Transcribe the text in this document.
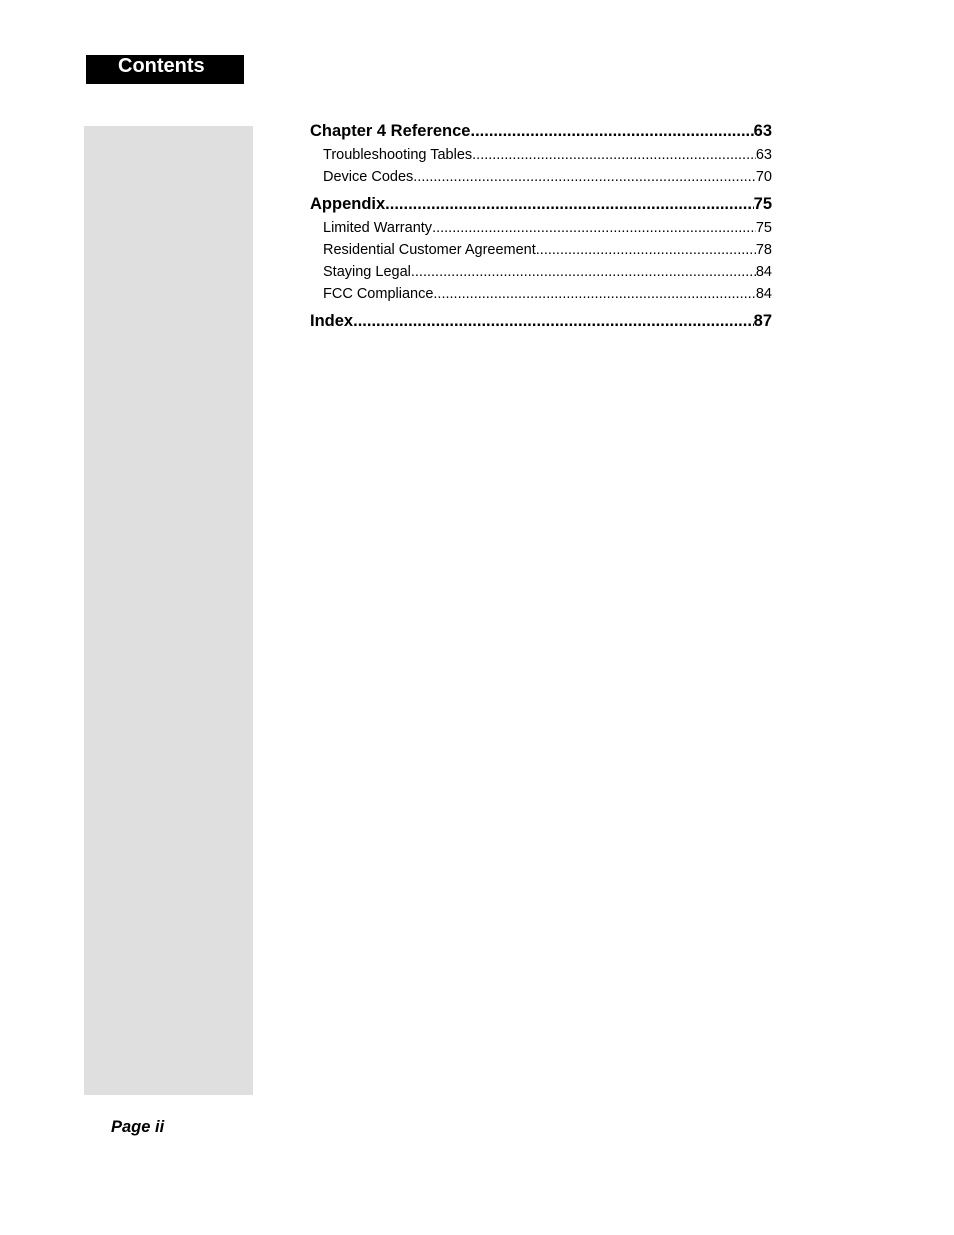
Contents
Chapter 4 Reference .....	63
Troubleshooting Tables .....	63
Device Codes .....	70
Appendix .....	75
Limited Warranty .....	75
Residential Customer Agreement .....	78
Staying Legal .....	84
FCC Compliance .....	84
Index .....	87
Page ii
